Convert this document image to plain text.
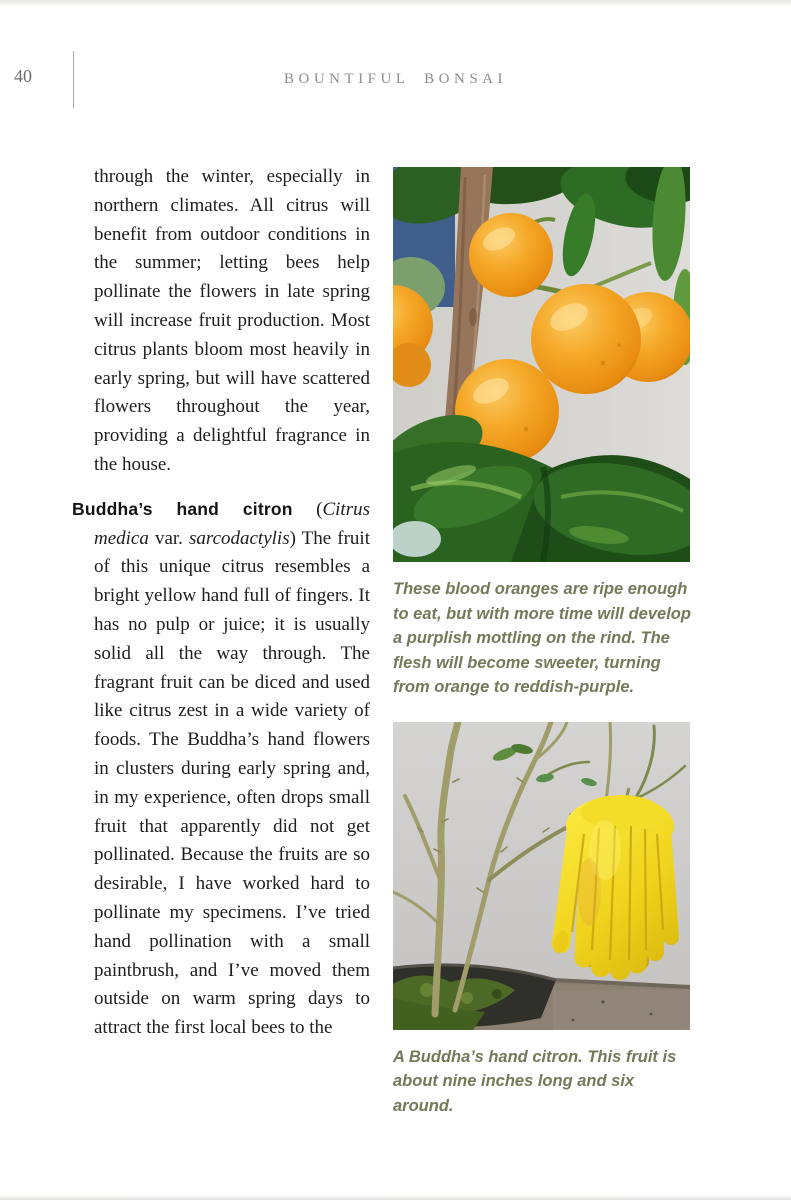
40	BOUNTIFUL BONSAI

through the winter, especially in northern climates. All citrus will benefit from outdoor conditions in the summer; letting bees help pollinate the flowers in late spring will increase fruit production. Most citrus plants bloom most heavily in early spring, but will have scattered flowers throughout the year, providing a delightful fragrance in the house.

Buddha’s hand citron (Citrus medica var. sarcodactylis) The fruit of this unique citrus resembles a bright yellow hand full of fingers. It has no pulp or juice; it is usually solid all the way through. The fragrant fruit can be diced and used like citrus zest in a wide variety of foods. The Buddha’s hand flowers in clusters during early spring and, in my experience, often drops small fruit that apparently did not get pollinated. Because the fruits are so desirable, I have worked hard to pollinate my specimens. I’ve tried hand pollination with a small paintbrush, and I’ve moved them outside on warm spring days to attract the first local bees to the

These blood oranges are ripe enough to eat, but with more time will develop a purplish mottling on the rind. The flesh will become sweeter, turning from orange to reddish-purple.
A Buddha’s hand citron. This fruit is about nine inches long and six around.
